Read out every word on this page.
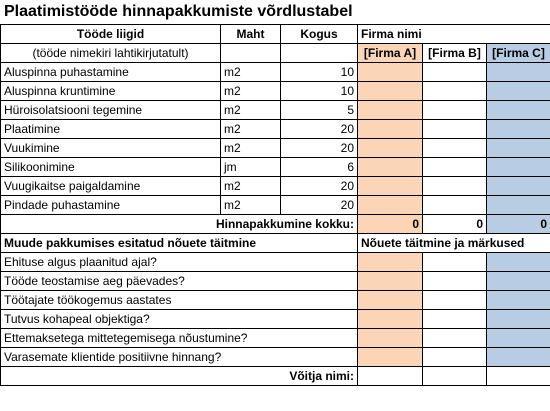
Plaatimistööde hinnapakkumiste võrdlustabel
Tööde liigid	Maht	Kogus	Firma nimi		
(tööde nimekiri lahtikirjutatult)			[Firma A]	[Firma B]	[Firma C]
Aluspinna puhastamine	m2	10			
Aluspinna kruntimine	m2	10			
Hüroisolatsiooni tegemine	m2	5			
Plaatimine	m2	20			
Vuukimine	m2	20			
Silikoonimine	jm	6			
Vuugikaitse paigaldamine	m2	20			
Pindade puhastamine	m2	20			
Hinnapakkumine kokku:			0	0	0
Muude pakkumises esitatud nõuete täitmine			Nõuete täitmine ja märkused		
Ehituse algus plaanitud ajal?					
Tööde teostamise aeg päevades?					
Töötajate töökogemus aastates					
Tutvus kohapeal objektiga?					
Ettemaksetega mittetegemisega nõustumine?					
Varasemate klientide positiivne hinnang?					
Võitja nimi:					
